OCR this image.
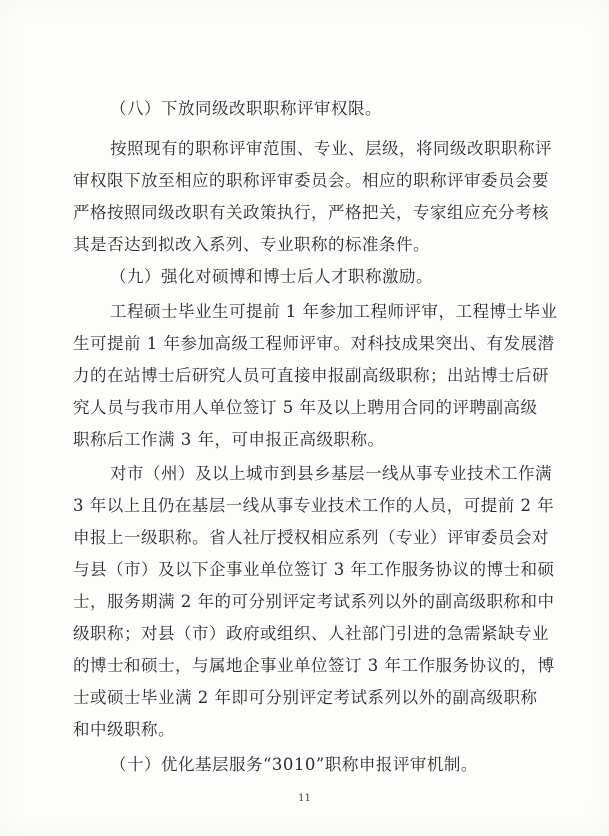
（八）下放同级改职职称评审权限。
按照现有的职称评审范围、专业、层级，将同级改职职称评
审权限下放至相应的职称评审委员会。相应的职称评审委员会要
严格按照同级改职有关政策执行，严格把关，专家组应充分考核
其是否达到拟改入系列、专业职称的标准条件。
（九）强化对硕博和博士后人才职称激励。
工程硕士毕业生可提前 1 年参加工程师评审，工程博士毕业
生可提前 1 年参加高级工程师评审。对科技成果突出、有发展潜
力的在站博士后研究人员可直接申报副高级职称；出站博士后研
究人员与我市用人单位签订 5 年及以上聘用合同的评聘副高级
职称后工作满 3 年，可申报正高级职称。
对市（州）及以上城市到县乡基层一线从事专业技术工作满
3 年以上且仍在基层一线从事专业技术工作的人员，可提前 2 年
申报上一级职称。省人社厅授权相应系列（专业）评审委员会对
与县（市）及以下企事业单位签订 3 年工作服务协议的博士和硕
士，服务期满 2 年的可分别评定考试系列以外的副高级职称和中
级职称；对县（市）政府或组织、人社部门引进的急需紧缺专业
的博士和硕士，与属地企事业单位签订 3 年工作服务协议的，博
士或硕士毕业满 2 年即可分别评定考试系列以外的副高级职称
和中级职称。
（十）优化基层服务“3010”职称申报评审机制。
11
